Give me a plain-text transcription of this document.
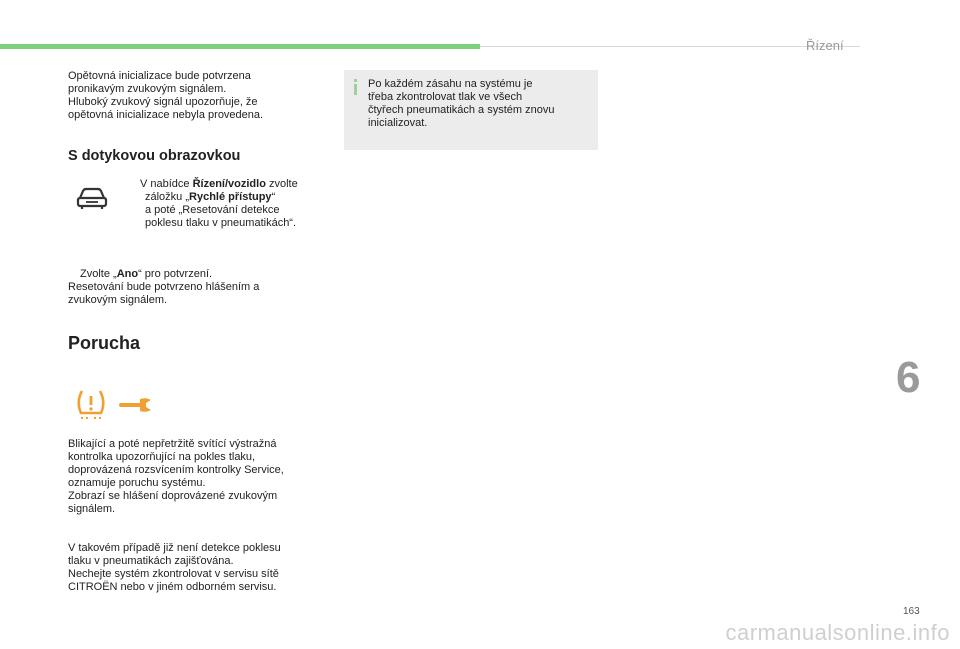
Řízení

Opětovná inicializace bude potvrzena
pronikavým zvukovým signálem.
Hluboký zvukový signál upozorňuje, že
opětovná inicializace nebyla provedena.

Po každém zásahu na systému je
třeba zkontrolovat tlak ve všech
čtyřech pneumatikách a systém znovu
inicializovat.

S dotykovou obrazovkou

V nabídce Řízení/vozidlo zvolte
záložku „Rychlé přístupy“
a poté „Resetování detekce
poklesu tlaku v pneumatikách“.

Zvolte „Ano“ pro potvrzení.

Resetování bude potvrzeno hlášením a
zvukovým signálem.

Porucha

Blikající a poté nepřetržitě svítící výstražná
kontrolka upozorňující na pokles tlaku,
doprovázená rozsvícením kontrolky Service,
oznamuje poruchu systému.
Zobrazí se hlášení doprovázené zvukovým
signálem.

V takovém případě již není detekce poklesu
tlaku v pneumatikách zajišťována.
Nechejte systém zkontrolovat v servisu sítě
CITROËN nebo v jiném odborném servisu.

6
163
carmanualsonline.info
